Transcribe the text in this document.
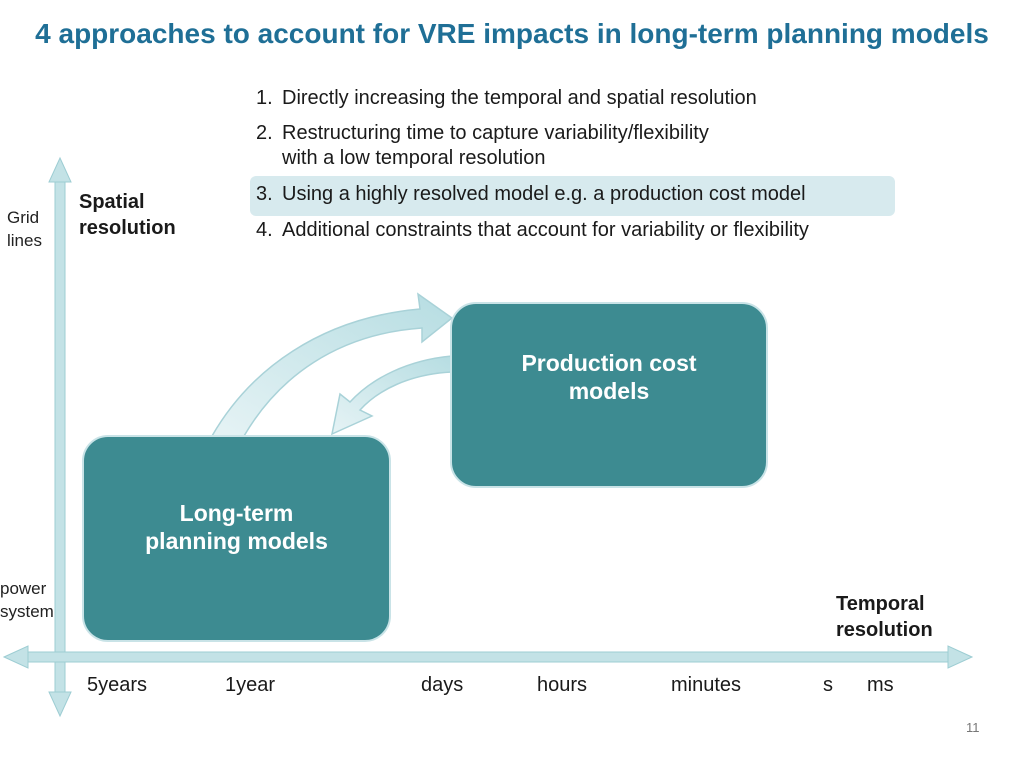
4 approaches to account for VRE impacts in long-term planning models
1. Directly increasing the temporal and spatial resolution
2. Restructuring time to capture variability/flexibility
with a low temporal resolution
3. Using a highly resolved model e.g. a production cost model
4. Additional constraints that account for variability or flexibility
Spatial
resolution
Grid
lines
power
system	Temporal
resolution
Production cost
models
Long-term
planning models
5years	1year	days	hours	minutes	s ms
11
